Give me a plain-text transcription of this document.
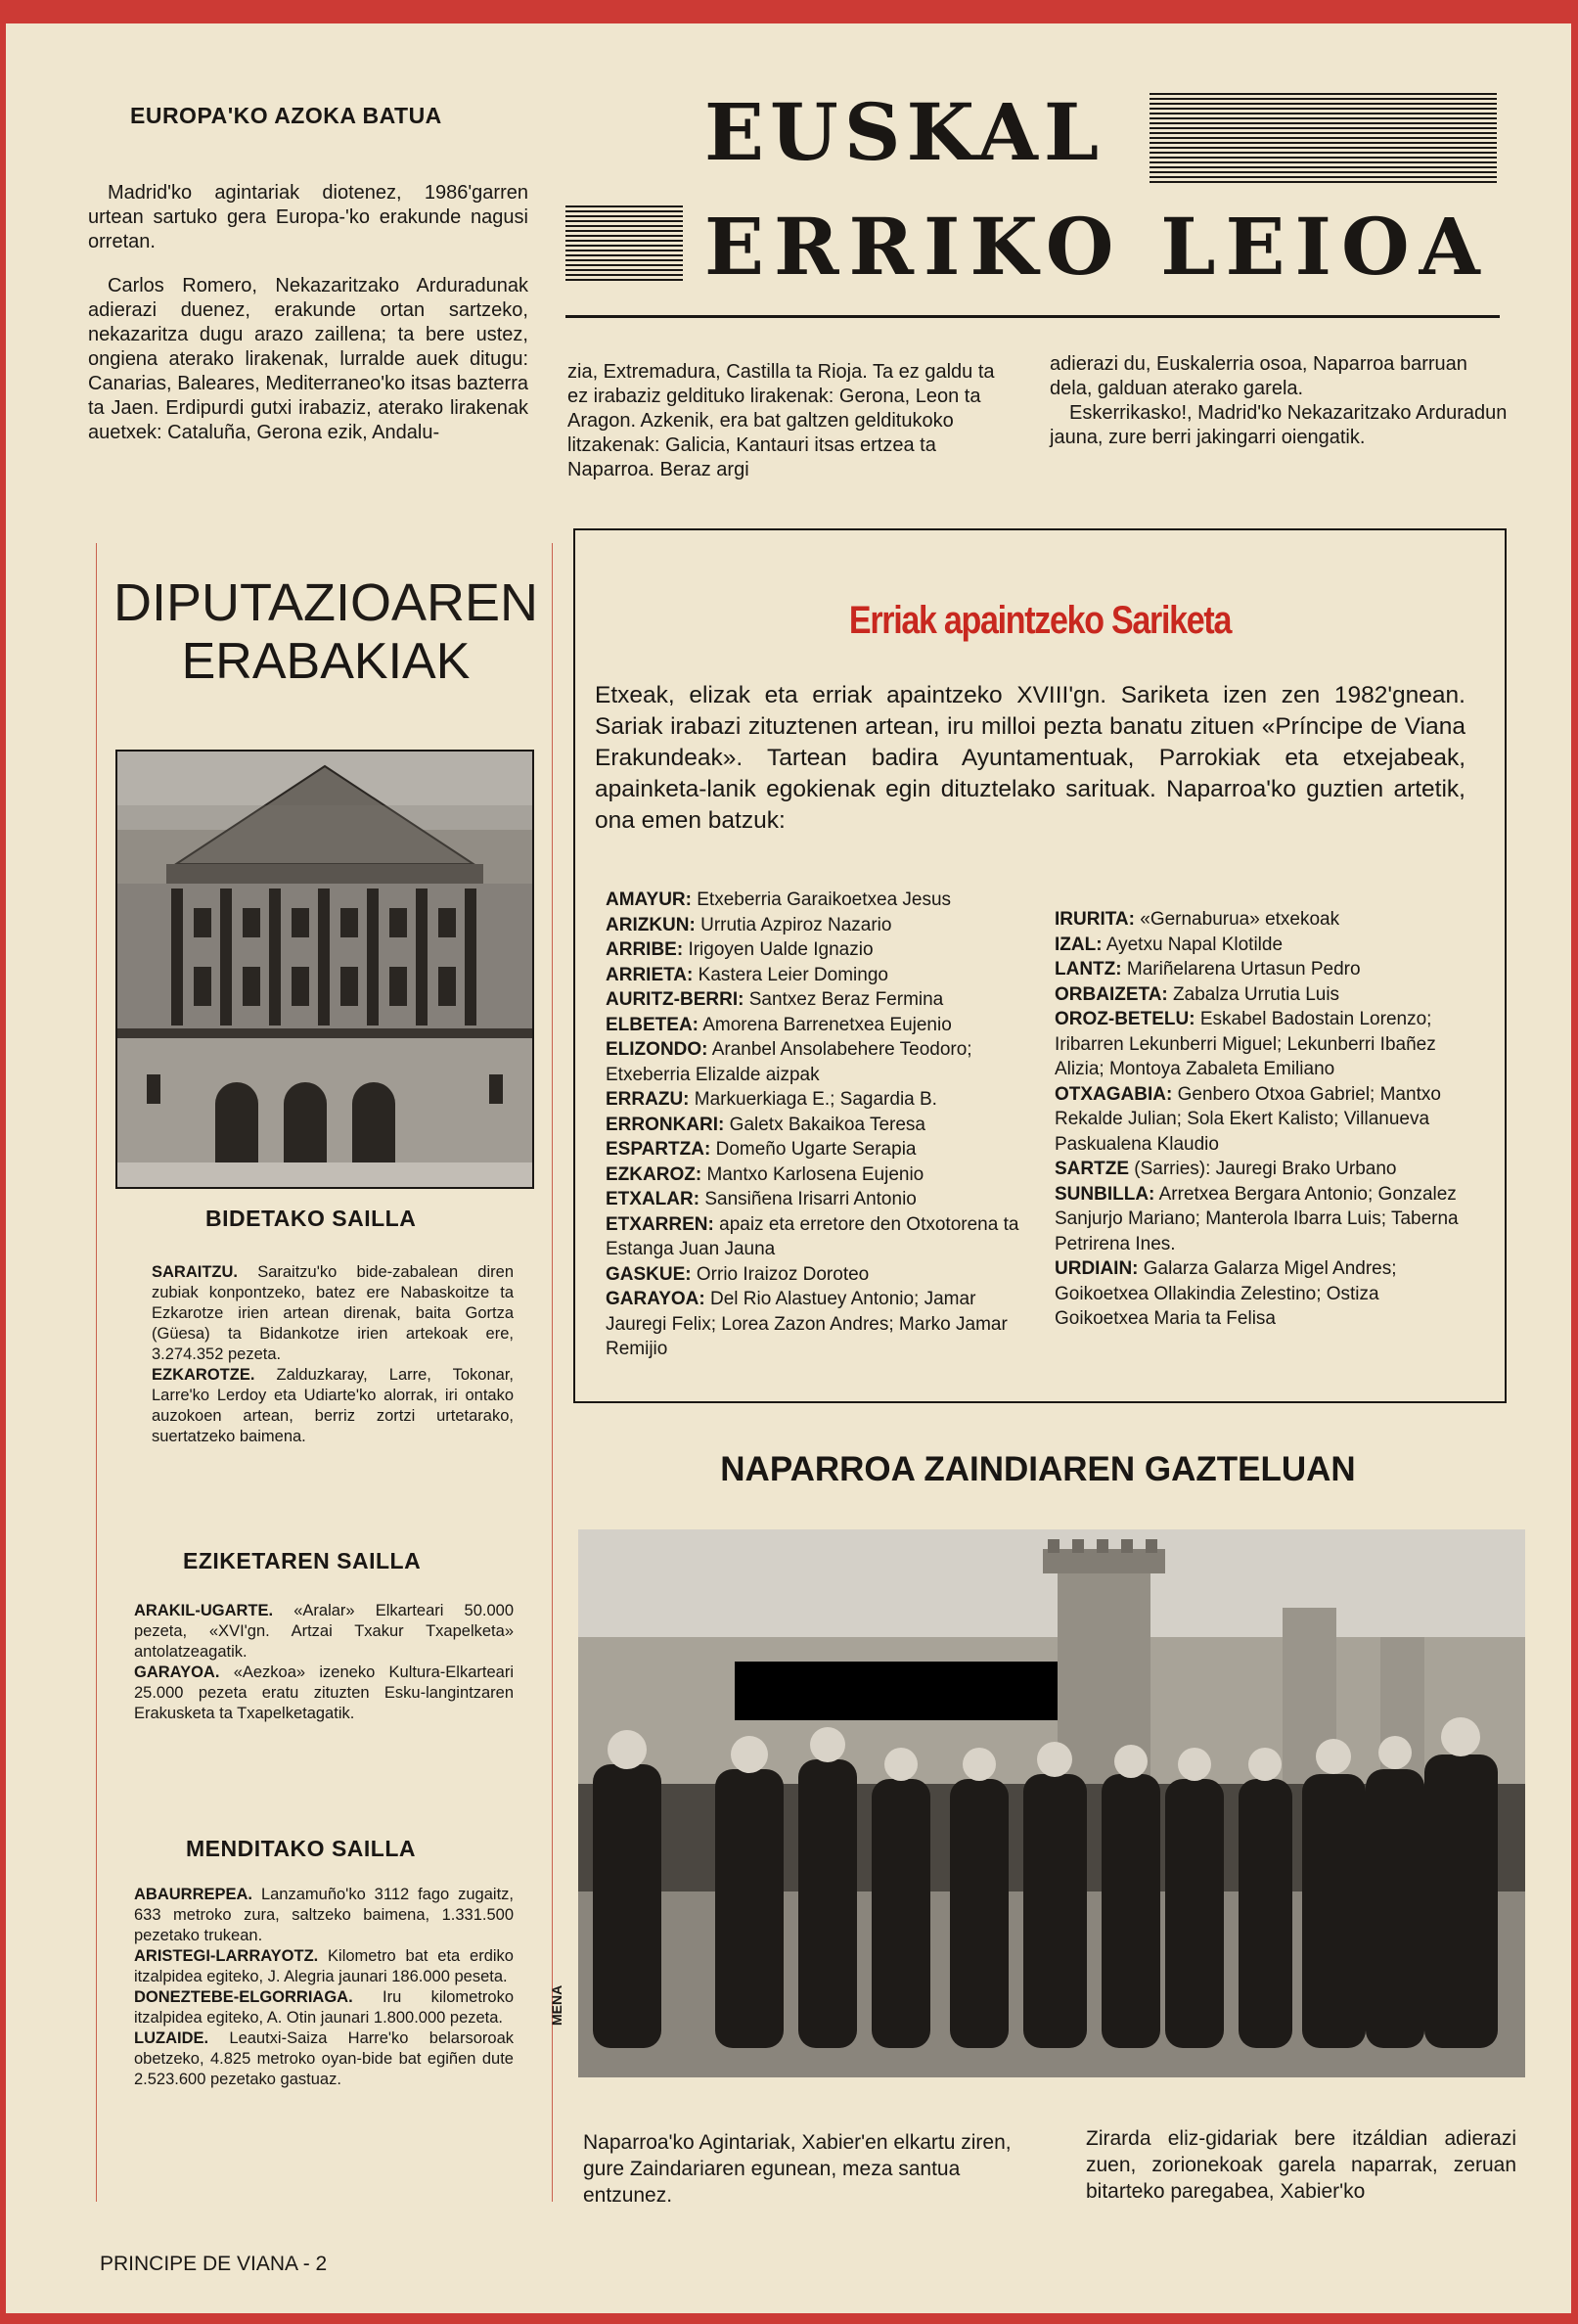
EUROPA'KO AZOKA BATUA

Madrid'ko agintariak diotenez, 1986'garren urtean sartuko gera Europa-'ko erakunde nagusi orretan.

Carlos Romero, Nekazaritzako Arduradunak adierazi duenez, erakunde ortan sartzeko, nekazaritza dugu arazo zaillena; ta bere ustez, ongiena aterako lirakenak, lurralde auek ditugu: Canarias, Baleares, Mediterraneo'ko itsas bazterra ta Jaen. Erdipurdi gutxi irabaziz, aterako lirakenak auetxek: Cataluña, Gerona ezik, Andalu-

EUSKAL
ERRIKO LEIOA
zia, Extremadura, Castilla ta Rioja. Ta ez galdu ta ez irabaziz geldituko lirakenak: Gerona, Leon ta Aragon. Azkenik, era bat galtzen gelditukoko litzakenak: Galicia, Kantauri itsas ertzea ta Naparroa. Beraz argi
adierazi du, Euskalerria osoa, Naparroa barruan dela, galduan aterako garela.
Eskerrikasko!, Madrid'ko Nekazaritzako Arduradun jauna, zure berri jakingarri oiengatik.
DIPUTAZIOAREN
ERABAKIAK
BIDETAKO SAILLA
SARAITZU. Saraitzu'ko bide-zabalean diren zubiak konpontzeko, batez ere Nabaskoitze ta Ezkarotze irien artean direnak, baita Gortza (Güesa) ta Bidankotze irien artekoak ere, 3.274.352 pezeta.
EZKAROTZE. Zalduzkaray, Larre, Tokonar, Larre'ko Lerdoy eta Udiarte'ko alorrak, iri ontako auzokoen artean, berriz zortzi urtetarako, suertatzeko baimena.
EZIKETAREN SAILLA
ARAKIL-UGARTE. «Aralar» Elkarteari 50.000 pezeta, «XVI'gn. Artzai Txakur Txapelketa» antolatzeagatik.
GARAYOA. «Aezkoa» izeneko Kultura-Elkarteari 25.000 pezeta eratu zituzten Esku-langintzaren Erakusketa ta Txapelketagatik.
MENDITAKO SAILLA
ABAURREPEA. Lanzamuño'ko 3112 fago zugaitz, 633 metroko zura, saltzeko baimena, 1.331.500 pezetako trukean.
ARISTEGI-LARRAYOTZ. Kilometro bat eta erdiko itzalpidea egiteko, J. Alegria jaunari 186.000 peseta.
DONEZTEBE-ELGORRIAGA. Iru kilometroko itzalpidea egiteko, A. Otin jaunari 1.800.000 pezeta.
LUZAIDE. Leautxi-Saiza Harre'ko belarsoroak obetzeko, 4.825 metroko oyan-bide bat egiñen dute 2.523.600 pezetako gastuaz.
Erriak apaintzeko Sariketa
Etxeak, elizak eta erriak apaintzeko XVIII'gn. Sariketa izen zen 1982'gnean. Sariak irabazi zituztenen artean, iru milloi pezta banatu zituen «Príncipe de Viana Erakundeak». Tartean badira Ayuntamentuak, Parrokiak eta etxejabeak, apainketa-lanik egokienak egin dituztelako sarituak. Naparroa'ko guztien artetik, ona emen batzuk:
AMAYUR: Etxeberria Garaikoetxea Jesus
ARIZKUN: Urrutia Azpiroz Nazario
ARRIBE: Irigoyen Ualde Ignazio
ARRIETA: Kastera Leier Domingo
AURITZ-BERRI: Santxez Beraz Fermina
ELBETEA: Amorena Barrenetxea Eujenio
ELIZONDO: Aranbel Ansolabehere Teodoro; Etxeberria Elizalde aizpak
ERRAZU: Markuerkiaga E.; Sagardia B.
ERRONKARI: Galetx Bakaikoa Teresa
ESPARTZA: Domeño Ugarte Serapia
EZKAROZ: Mantxo Karlosena Eujenio
ETXALAR: Sansiñena Irisarri Antonio
ETXARREN: apaiz eta erretore den Otxotorena ta Estanga Juan Jauna
GASKUE: Orrio Iraizoz Doroteo
GARAYOA: Del Rio Alastuey Antonio; Jamar Jauregi Felix; Lorea Zazon Andres; Marko Jamar Remijio
IRURITA: «Gernaburua» etxekoak
IZAL: Ayetxu Napal Klotilde
LANTZ: Mariñelarena Urtasun Pedro
ORBAIZETA: Zabalza Urrutia Luis
OROZ-BETELU: Eskabel Badostain Lorenzo; Iribarren Lekunberri Miguel; Lekunberri Ibañez Alizia; Montoya Zabaleta Emiliano
OTXAGABIA: Genbero Otxoa Gabriel; Mantxo Rekalde Julian; Sola Ekert Kalisto; Villanueva Paskualena Klaudio
SARTZE (Sarries): Jauregi Brako Urbano
SUNBILLA: Arretxea Bergara Antonio; Gonzalez Sanjurjo Mariano; Manterola Ibarra Luis; Taberna Petrirena Ines.
URDIAIN: Galarza Galarza Migel Andres; Goikoetxea Ollakindia Zelestino; Ostiza Goikoetxea Maria ta Felisa
NAPARROA ZAINDIAREN GAZTELUAN
MENA
Naparroa'ko Agintariak, Xabier'en elkartu ziren, gure Zaindariaren egunean, meza santua entzunez.
Zirarda eliz-gidariak bere itzáldian adierazi zuen, zorionekoak garela naparrak, zeruan bitarteko paregabea, Xabier'ko
PRINCIPE DE VIANA - 2
